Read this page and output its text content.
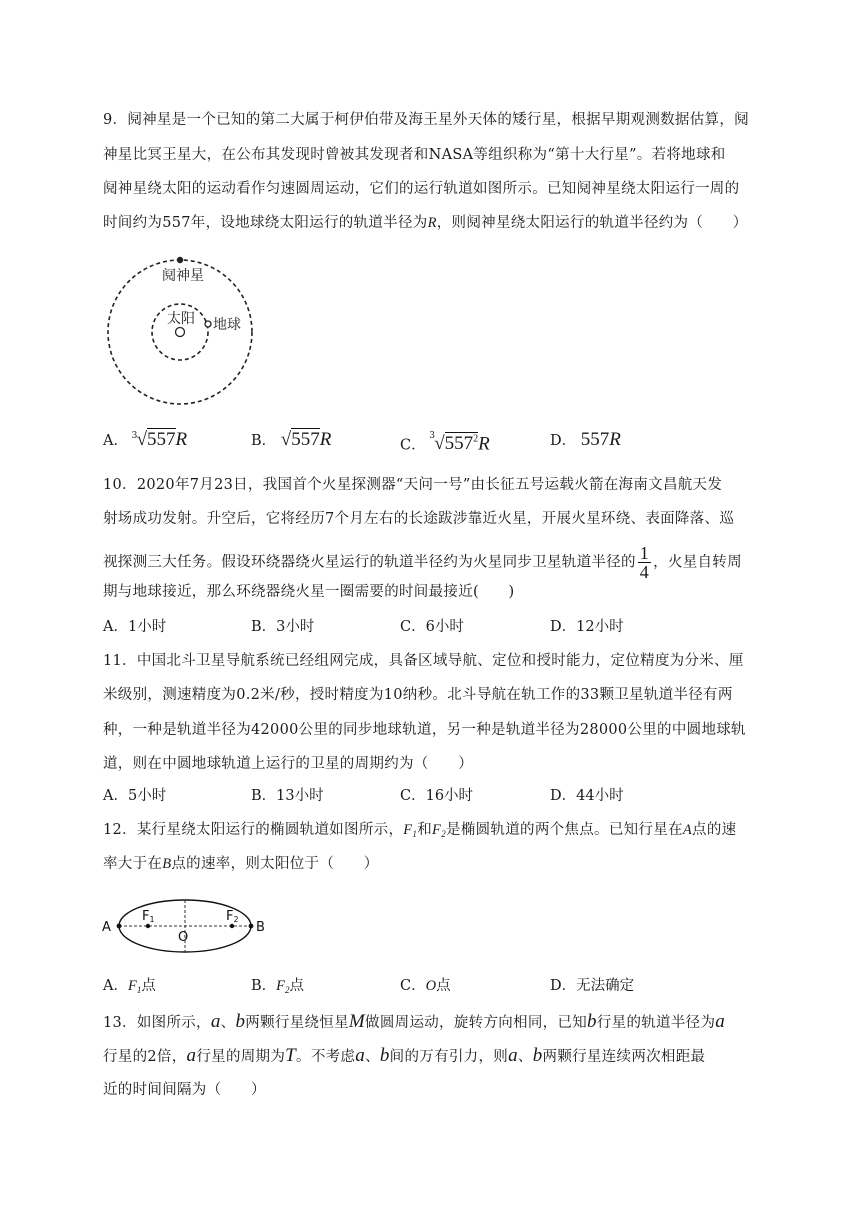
9．阋神星是一个已知的第二大属于柯伊伯带及海王星外天体的矮行星，根据早期观测数据估算，阋
神星比冥王星大，在公布其发现时曾被其发现者和NASA等组织称为“第十大行星”。若将地球和
阋神星绕太阳的运动看作匀速圆周运动，它们的运行轨道如图所示。已知阋神星绕太阳运行一周的
时间约为557年，设地球绕太阳运行的轨道半径为R，则阋神星绕太阳运行的轨道半径约为（　　）
阋神星
太阳 地球
A． 3 √557R	B． √557R	C．
3 $√557^2R$	D． 557R
10．2020年7月23日，我国首个火星探测器“天问一号”由长征五号运载火箭在海南文昌航天发
射场成功发射。升空后，它将经历7个月左右的长途跋涉靠近火星，开展火星环绕、表面降落、巡
视探测三大任务。假设环绕器绕火星运行的轨道半径约为火星同步卫星轨道半径的 $\frac{1}{4}$ ，火星自转周
期与地球接近，那么环绕器绕火星一圈需要的时间最接近(　　)
A．1小时	B．3小时	C．6小时	D．12小时
11．中国北斗卫星导航系统已经组网完成，具备区域导航、定位和授时能力，定位精度为分米、厘
米级别，测速精度为0.2米/秒，授时精度为10纳秒。北斗导航在轨工作的33颗卫星轨道半径有两
种，一种是轨道半径为42000公里的同步地球轨道，另一种是轨道半径为28000公里的中圆地球轨
道，则在中圆地球轨道上运行的卫星的周期约为（　　）
A．5小时	B．13小时	C．16小时	D．44小时
12．某行星绕太阳运行的椭圆轨道如图所示，$F_1$和$F_2$是椭圆轨道的两个焦点。已知行星在A点的速
率大于在B点的速率，则太阳位于（　　）
A	B
F1	F2
O
A．$F_1$点	B．$F_2$点	C．O点	D．无法确定
13．如图所示，a、b两颗行星绕恒星M做圆周运动，旋转方向相同，已知b行星的轨道半径为a
行星的2倍，a行星的周期为T。不考虑a、b间的万有引力，则a、b两颗行星连续两次相距最
近的时间间隔为（　　）
